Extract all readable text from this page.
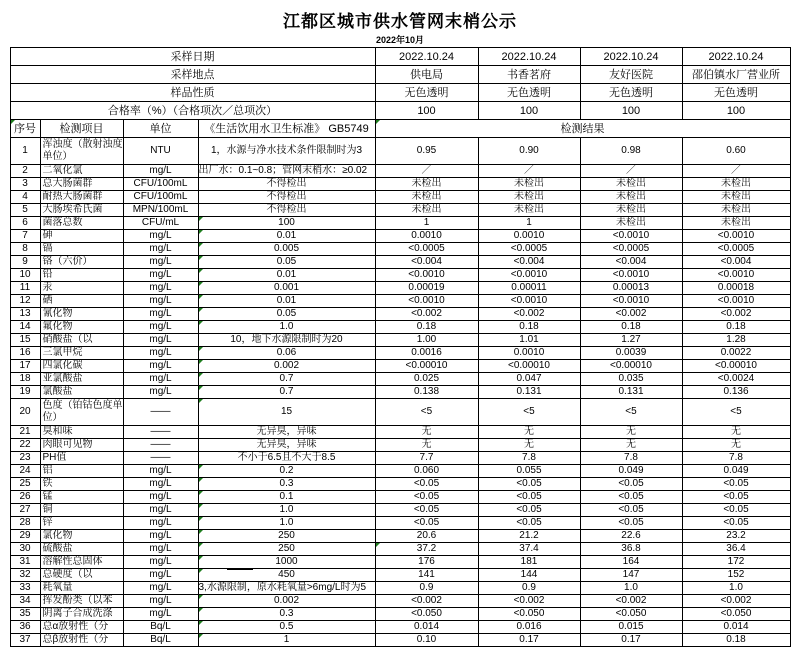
江都区城市供水管网末梢公示
2022年10月
采样日期				2022.10.24	2022.10.24	2022.10.24	2022.10.24
采样地点				供电局	书香茗府	友好医院	邵伯镇水厂营业所
样品性质				无色透明	无色透明	无色透明	无色透明
合格率（%）（合格项次／总项次）				100	100	100	100
序号	检测项目	单位	《生活饮用水卫生标准》 GB5749	检测结果			
1	浑浊度（散射浊度单位）	NTU	1，水源与净水技术条件限制时为3	0.95	0.90	0.98	0.60
2	二氧化氯	mg/L	出厂水：0.1~0.8；管网末梢水：≥0.02	／	／	／	／
3	总大肠菌群	CFU/100mL	不得检出	未检出	未检出	未检出	未检出
4	耐热大肠菌群	CFU/100mL	不得检出	未检出	未检出	未检出	未检出
5	大肠埃希氏菌	MPN/100mL	不得检出	未检出	未检出	未检出	未检出
6	菌落总数	CFU/mL	100	1	1	未检出	未检出
7	砷	mg/L	0.01	0.0010	0.0010	<0.0010	<0.0010
8	镉	mg/L	0.005	<0.0005	<0.0005	<0.0005	<0.0005
9	铬（六价）	mg/L	0.05	<0.004	<0.004	<0.004	<0.004
10	铅	mg/L	0.01	<0.0010	<0.0010	<0.0010	<0.0010
11	汞	mg/L	0.001	0.00019	0.00011	0.00013	0.00018
12	硒	mg/L	0.01	<0.0010	<0.0010	<0.0010	<0.0010
13	氰化物	mg/L	0.05	<0.002	<0.002	<0.002	<0.002
14	氟化物	mg/L	1.0	0.18	0.18	0.18	0.18
15	硝酸盐（以	mg/L	10，地下水源限制时为20	1.00	1.01	1.27	1.28
16	三氯甲烷	mg/L	0.06	0.0016	0.0010	0.0039	0.0022
17	四氯化碳	mg/L	0.002	<0.00010	<0.00010	<0.00010	<0.00010
18	亚氯酸盐	mg/L	0.7	0.025	0.047	0.035	<0.0024
19	氯酸盐	mg/L	0.7	0.138	0.131	0.131	0.136
20	色度（铂钴色度单位）	——	15	<5	<5	<5	<5
21	臭和味	——	无异臭，异味	无	无	无	无
22	肉眼可见物	——	无异臭，异味	无	无	无	无
23	PH值	——	不小于6.5且不大于8.5	7.7	7.8	7.8	7.8
24	铝	mg/L	0.2	0.060	0.055	0.049	0.049
25	铁	mg/L	0.3	<0.05	<0.05	<0.05	<0.05
26	锰	mg/L	0.1	<0.05	<0.05	<0.05	<0.05
27	铜	mg/L	1.0	<0.05	<0.05	<0.05	<0.05
28	锌	mg/L	1.0	<0.05	<0.05	<0.05	<0.05
29	氯化物	mg/L	250	20.6	21.2	22.6	23.2
30	硫酸盐	mg/L	250	37.2	37.4	36.8	36.4
31	溶解性总固体	mg/L	1000	176	181	164	172
32	总硬度（以	mg/L	450	141	144	147	152
33	耗氧量	mg/L	3,水源限制，原水耗氧量>6mg/L时为5	0.9	0.9	1.0	1.0
34	挥发酚类（以苯	mg/L	0.002	<0.002	<0.002	<0.002	<0.002
35	阴离子合成洗涤	mg/L	0.3	<0.050	<0.050	<0.050	<0.050
36	总α放射性（分	Bq/L	0.5	0.014	0.016	0.015	0.014
37	总β放射性（分	Bq/L	1	0.10	0.17	0.17	0.18
